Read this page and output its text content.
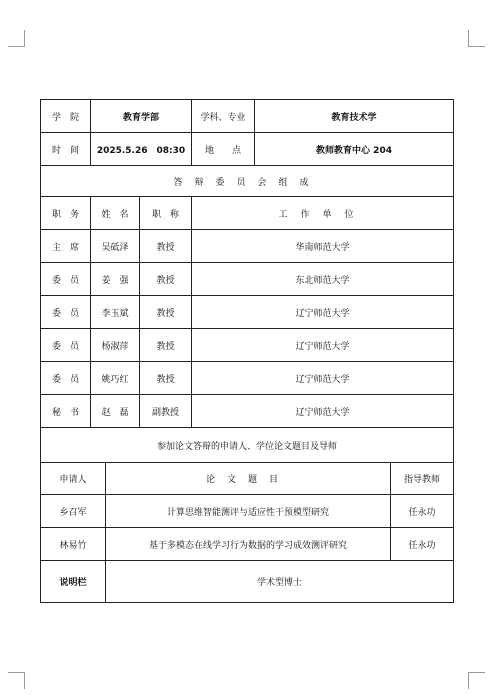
学　院	教育学部			学科、专业	教育技术学	
时　间	2025.5.26　08:30			地　　点	教师教育中心 204	
答辩委员会组成						
职　务	姓　名		职　称	工作单位		
主　席	吴砥泽		教授	华南师范大学		
委　员	姜　强		教授	东北师范大学		
委　员	李玉斌		教授	辽宁师范大学		
委　员	杨淑萍		教授	辽宁师范大学		
委　员	姚巧红		教授	辽宁师范大学		
秘　书	赵　磊		副教授	辽宁师范大学		
参加论文答辩的申请人、学位论文题目及导师						
申请人		论文题目				指导教师
乡召军		计算思维智能测评与适应性干预模型研究				任永功
林易竹		基于多模态在线学习行为数据的学习成效测评研究				任永功
说明栏		学术型博士				
